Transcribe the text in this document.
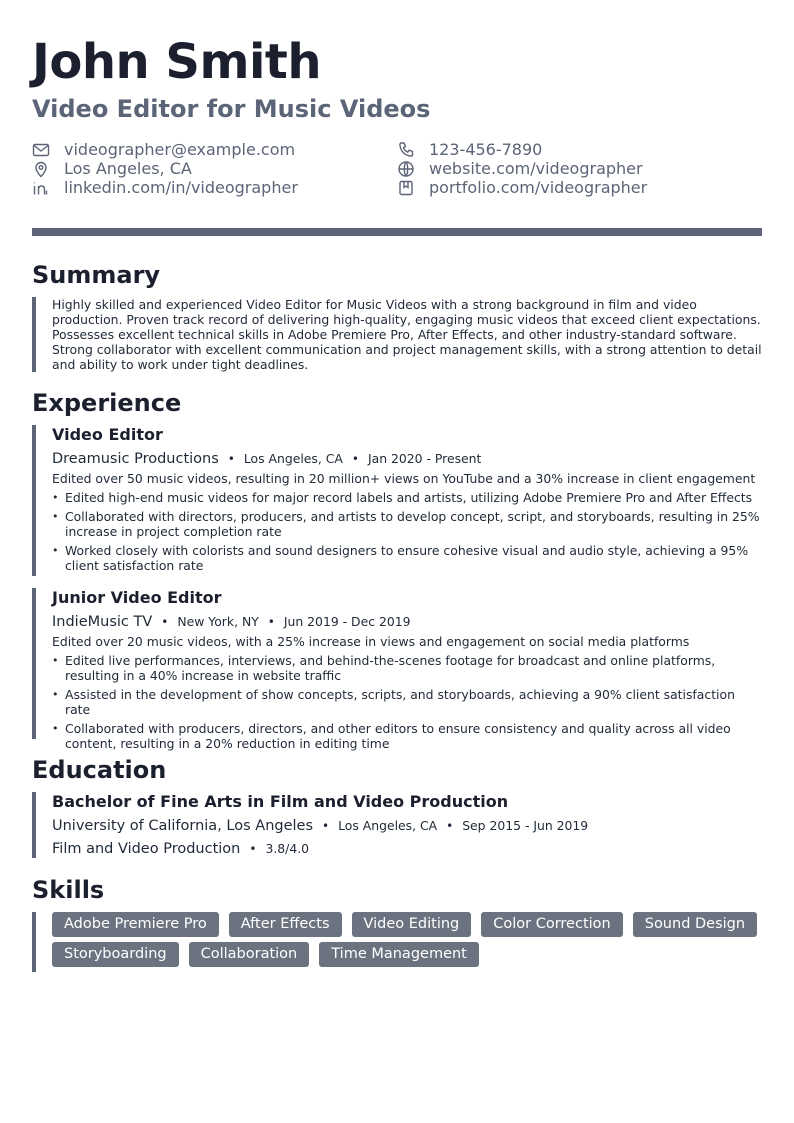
John Smith
Video Editor for Music Videos
videographer@example.com	123-456-7890
Los Angeles, CA	website.com/videographer
linkedin.com/in/videographer	portfolio.com/videographer
Summary
Highly skilled and experienced Video Editor for Music Videos with a strong background in film and video production. Proven track record of delivering high-quality, engaging music videos that exceed client expectations. Possesses excellent technical skills in Adobe Premiere Pro, After Effects, and other industry-standard software. Strong collaborator with excellent communication and project management skills, with a strong attention to detail and ability to work under tight deadlines.
Experience
Video Editor
Dreamusic Productions • Los Angeles, CA • Jan 2020 - Present
Edited over 50 music videos, resulting in 20 million+ views on YouTube and a 30% increase in client engagement
• Edited high-end music videos for major record labels and artists, utilizing Adobe Premiere Pro and After Effects
• Collaborated with directors, producers, and artists to develop concept, script, and storyboards, resulting in 25% increase in project completion rate
• Worked closely with colorists and sound designers to ensure cohesive visual and audio style, achieving a 95% client satisfaction rate
Junior Video Editor
IndieMusic TV • New York, NY • Jun 2019 - Dec 2019
Edited over 20 music videos, with a 25% increase in views and engagement on social media platforms
• Edited live performances, interviews, and behind-the-scenes footage for broadcast and online platforms, resulting in a 40% increase in website traffic
• Assisted in the development of show concepts, scripts, and storyboards, achieving a 90% client satisfaction rate
• Collaborated with producers, directors, and other editors to ensure consistency and quality across all video content, resulting in a 20% reduction in editing time
Education
Bachelor of Fine Arts in Film and Video Production
University of California, Los Angeles • Los Angeles, CA • Sep 2015 - Jun 2019
Film and Video Production • 3.8/4.0
Skills
Adobe Premiere Pro	After Effects	Video Editing	Color Correction	Sound Design
Storyboarding	Collaboration	Time Management
